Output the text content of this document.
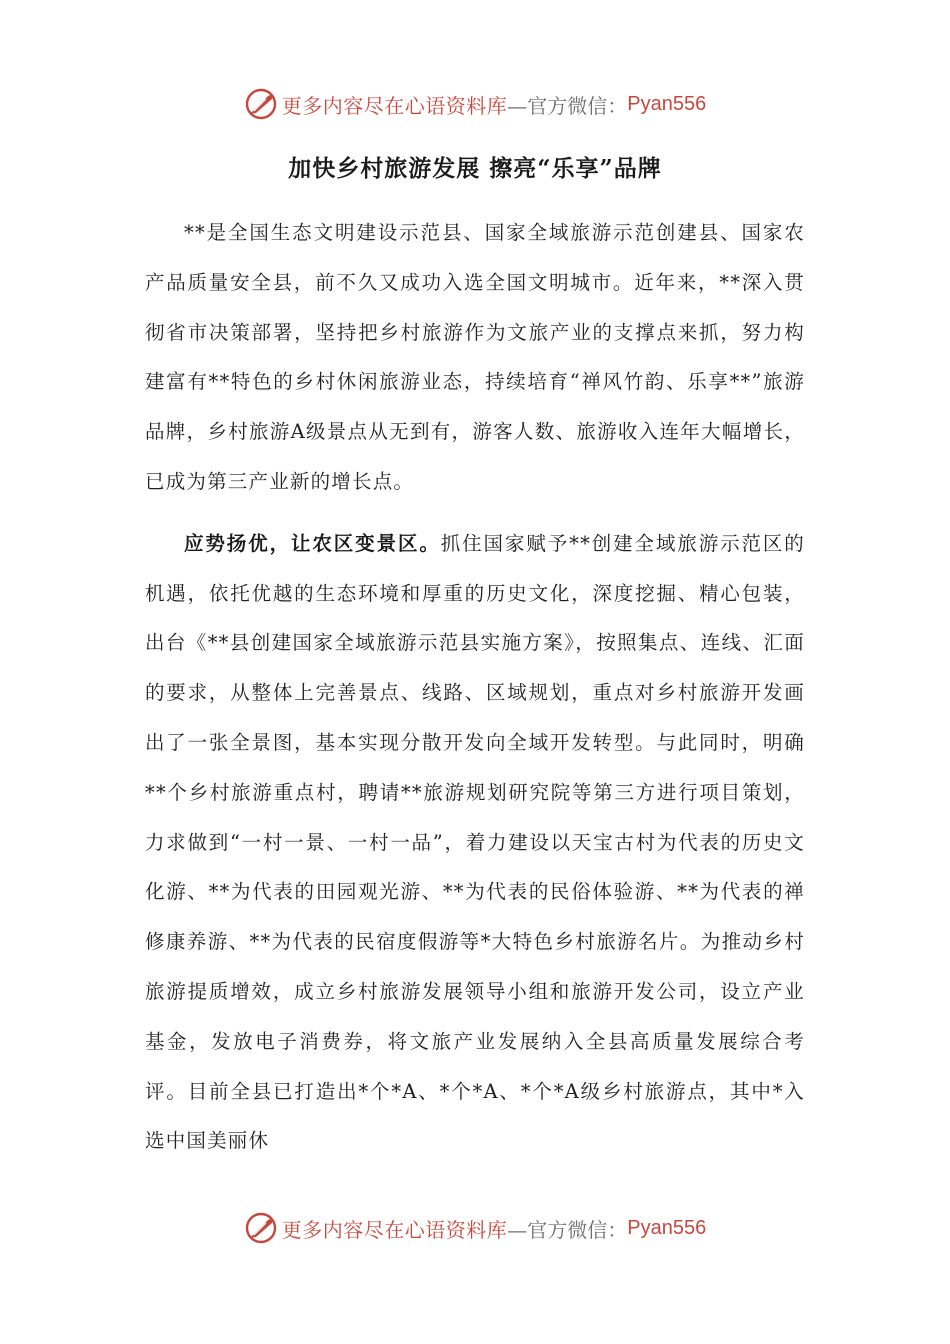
更多内容尽在心语资料库 —官方微信： Pyan556
加快乡村旅游发展 擦亮“乐享”品牌

**是全国生态文明建设示范县、国家全域旅游示范创建县、国家农产品质量安全县，前不久又成功入选全国文明城市。近年来，**深入贯彻省市决策部署，坚持把乡村旅游作为文旅产业的支撑点来抓，努力构建富有**特色的乡村休闲旅游业态，持续培育“禅风竹韵、乐享**”旅游品牌，乡村旅游A级景点从无到有，游客人数、旅游收入连年大幅增长，已成为第三产业新的增长点。

应势扬优，让农区变景区。抓住国家赋予**创建全域旅游示范区的机遇，依托优越的生态环境和厚重的历史文化，深度挖掘、精心包装，出台《**县创建国家全域旅游示范县实施方案》，按照集点、连线、汇面的要求，从整体上完善景点、线路、区域规划，重点对乡村旅游开发画出了一张全景图，基本实现分散开发向全域开发转型。与此同时，明确**个乡村旅游重点村，聘请**旅游规划研究院等第三方进行项目策划，力求做到“一村一景、一村一品”，着力建设以天宝古村为代表的历史文化游、**为代表的田园观光游、**为代表的民俗体验游、**为代表的禅修康养游、**为代表的民宿度假游等*大特色乡村旅游名片。为推动乡村旅游提质增效，成立乡村旅游发展领导小组和旅游开发公司，设立产业基金，发放电子消费券，将文旅产业发展纳入全县高质量发展综合考评。目前全县已打造出*个*A、*个*A、*个*A级乡村旅游点，其中*入选中国美丽休

更多内容尽在心语资料库 —官方微信： Pyan556
